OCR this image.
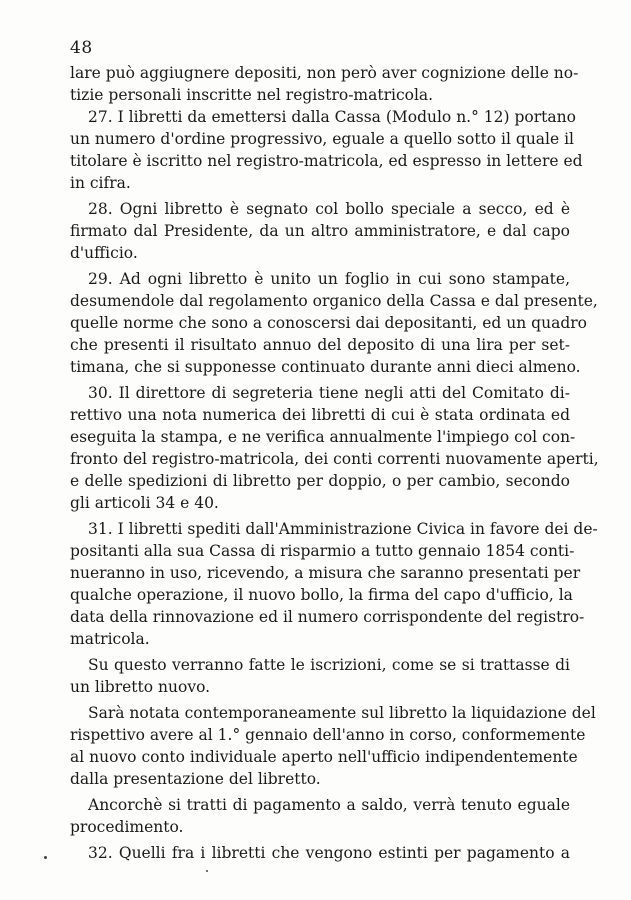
48
lare può aggiugnere depositi, non però aver cognizione delle no-
tizie personali inscritte nel registro-matricola.
27. I libretti da emettersi dalla Cassa (Modulo n.° 12) portano
un numero d'ordine progressivo, eguale a quello sotto il quale il
titolare è iscritto nel registro-matricola, ed espresso in lettere ed
in cifra.
28. Ogni libretto è segnato col bollo speciale a secco, ed è
firmato dal Presidente, da un altro amministratore, e dal capo
d'ufficio.
29. Ad ogni libretto è unito un foglio in cui sono stampate,
desumendole dal regolamento organico della Cassa e dal presente,
quelle norme che sono a conoscersi dai depositanti, ed un quadro
che presenti il risultato annuo del deposito di una lira per set-
timana, che si supponesse continuato durante anni dieci almeno.
30. Il direttore di segreteria tiene negli atti del Comitato di-
rettivo una nota numerica dei libretti di cui è stata ordinata ed
eseguita la stampa, e ne verifica annualmente l'impiego col con-
fronto del registro-matricola, dei conti correnti nuovamente aperti,
e delle spedizioni di libretto per doppio, o per cambio, secondo
gli articoli 34 e 40.
31. I libretti spediti dall'Amministrazione Civica in favore dei de-
positanti alla sua Cassa di risparmio a tutto gennaio 1854 conti-
nueranno in uso, ricevendo, a misura che saranno presentati per
qualche operazione, il nuovo bollo, la firma del capo d'ufficio, la
data della rinnovazione ed il numero corrispondente del registro-
matricola.
Su questo verranno fatte le iscrizioni, come se si trattasse di
un libretto nuovo.
Sarà notata contemporaneamente sul libretto la liquidazione del
rispettivo avere al 1.° gennaio dell'anno in corso, conformemente
al nuovo conto individuale aperto nell'ufficio indipendentemente
dalla presentazione del libretto.
Ancorchè si tratti di pagamento a saldo, verrà tenuto eguale
procedimento.
32. Quelli fra i libretti che vengono estinti per pagamento a
